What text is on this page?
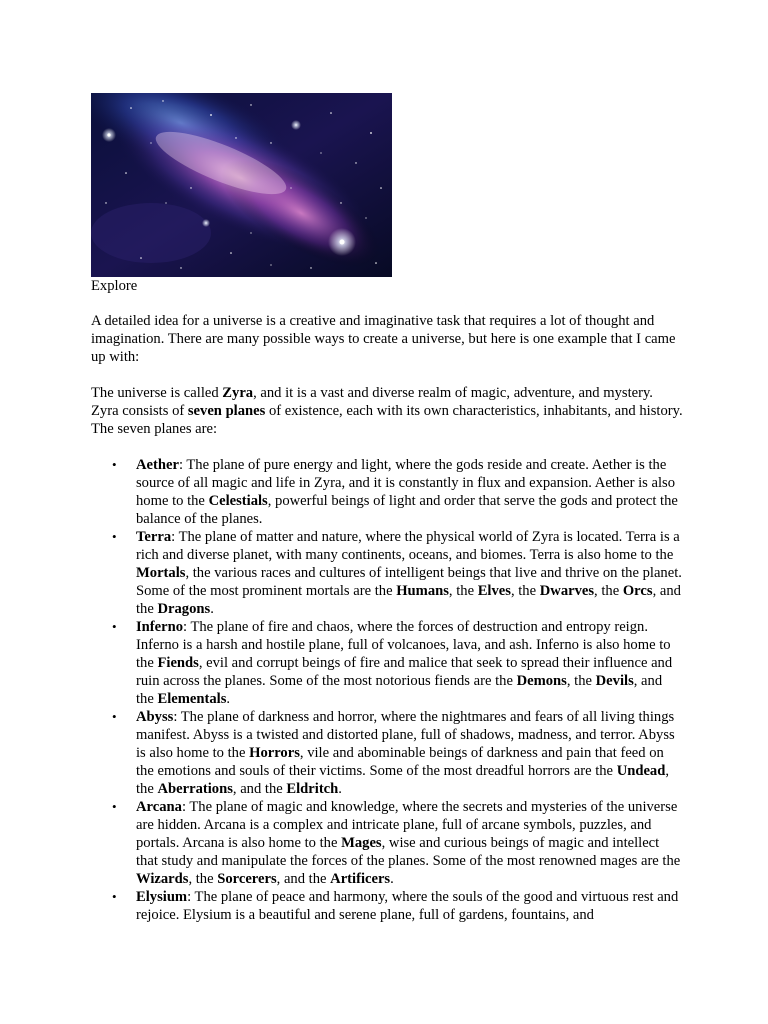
Explore

A detailed idea for a universe is a creative and imaginative task that requires a lot of thought and imagination. There are many possible ways to create a universe, but here is one example that I came up with:

The universe is called Zyra, and it is a vast and diverse realm of magic, adventure, and mystery. Zyra consists of seven planes of existence, each with its own characteristics, inhabitants, and history. The seven planes are:

• Aether: The plane of pure energy and light, where the gods reside and create. Aether is the source of all magic and life in Zyra, and it is constantly in flux and expansion. Aether is also home to the Celestials, powerful beings of light and order that serve the gods and protect the balance of the planes.
• Terra: The plane of matter and nature, where the physical world of Zyra is located. Terra is a rich and diverse planet, with many continents, oceans, and biomes. Terra is also home to the Mortals, the various races and cultures of intelligent beings that live and thrive on the planet. Some of the most prominent mortals are the Humans, the Elves, the Dwarves, the Orcs, and the Dragons.
• Inferno: The plane of fire and chaos, where the forces of destruction and entropy reign. Inferno is a harsh and hostile plane, full of volcanoes, lava, and ash. Inferno is also home to the Fiends, evil and corrupt beings of fire and malice that seek to spread their influence and ruin across the planes. Some of the most notorious fiends are the Demons, the Devils, and the Elementals.
• Abyss: The plane of darkness and horror, where the nightmares and fears of all living things manifest. Abyss is a twisted and distorted plane, full of shadows, madness, and terror. Abyss is also home to the Horrors, vile and abominable beings of darkness and pain that feed on the emotions and souls of their victims. Some of the most dreadful horrors are the Undead, the Aberrations, and the Eldritch.
• Arcana: The plane of magic and knowledge, where the secrets and mysteries of the universe are hidden. Arcana is a complex and intricate plane, full of arcane symbols, puzzles, and portals. Arcana is also home to the Mages, wise and curious beings of magic and intellect that study and manipulate the forces of the planes. Some of the most renowned mages are the Wizards, the Sorcerers, and the Artificers.
• Elysium: The plane of peace and harmony, where the souls of the good and virtuous rest and rejoice. Elysium is a beautiful and serene plane, full of gardens, fountains, and
